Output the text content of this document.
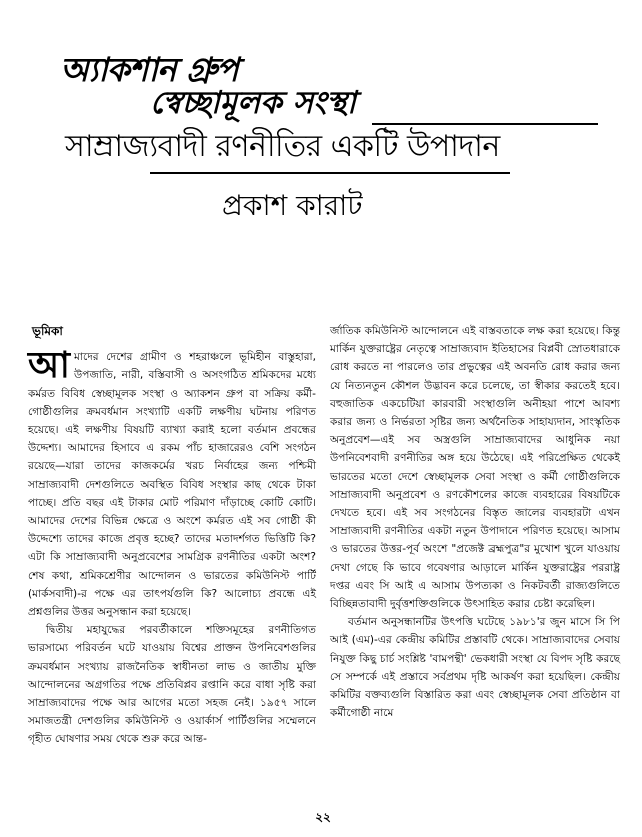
অ্যাকশান গ্রুপ
স্বেচ্ছামূলক সংস্থা
সাম্রাজ্যবাদী রণনীতির একটি উপাদান
প্রকাশ কারাট
ভূমিকা

আমাদের দেশের গ্রামীণ ও শহরাঞ্চলে ভূমিহীন বাস্তুহারা, উপজাতি, নারী, বস্তিবাসী ও অসংগঠিত শ্রমিকদের মধ্যে কর্মরত বিবিধ স্বেচ্ছামূলক সংস্থা ও অ্যাকশন গ্রুপ বা সক্রিয় কর্মী-গোষ্ঠীগুলির ক্রমবর্ধমান সংখ্যাটি একটি লক্ষণীয় ঘটনায় পরিণত হয়েছে। এই লক্ষণীয় বিষয়টি ব্যাখ্যা করাই হলো বর্তমান প্রবন্ধের উদ্দেশ্য। আমাদের হিসাবে এ রকম পাঁচ হাজারেরও বেশি সংগঠন রয়েছে—যারা তাদের কাজকর্মের খরচ নির্বাহের জন্য পশ্চিমী সাম্রাজ্যবাদী দেশগুলিতে অবস্থিত বিবিধ সংস্থার কাছ থেকে টাকা পাচ্ছে। প্রতি বছর এই টাকার মোট পরিমাণ দাঁড়াচ্ছে কোটি কোটি। আমাদের দেশের বিভিন্ন ক্ষেত্রে ও অংশে কর্মরত এই সব গোষ্ঠী কী উদ্দেশ্যে তাদের কাজে প্রবৃত্ত হচ্ছে? তাদের মতাদর্শগত ভিত্তিটি কি? এটা কি সাম্রাজ্যবাদী অনুপ্রবেশের সামগ্রিক রণনীতির একটা অংশ? শেষ কথা, শ্রমিকশ্রেণীর আন্দোলন ও ভারতের কমিউনিস্ট পার্টি (মার্কসবাদী)-র পক্ষে এর তাৎপর্যগুলি কি? আলোচ্য প্রবন্ধে এই প্রশ্নগুলির উত্তর অনুসন্ধান করা হয়েছে।

দ্বিতীয় মহাযুদ্ধের পরবর্তীকালে শক্তিসমূহের রণনীতিগত ভারসাম্যে পরিবর্তন ঘটে যাওয়ায় বিশ্বের প্রাক্তন উপনিবেশগুলির ক্রমবর্ধমান সংখ্যায় রাজনৈতিক স্বাধীনতা লাভ ও জাতীয় মুক্তি আন্দোলনের অগ্রগতির পক্ষে প্রতিবিপ্লব রপ্তানি করে বাধা সৃষ্টি করা সাম্রাজ্যবাদের পক্ষে আর আগের মতো সহজ নেই। ১৯৫৭ সালে সমাজতন্ত্রী দেশগুলির কমিউনিস্ট ও ওয়ার্কার্স পার্টিগুলির সম্মেলনে গৃহীত ঘোষণার সময় থেকে শুরু করে আন্ত-

র্জাতিক কমিউনিস্ট আন্দোলনে এই বাস্তবতাকে লক্ষ করা হয়েছে। কিন্তু মার্কিন যুক্তরাষ্ট্রের নেতৃত্বে সাম্রাজ্যবাদ ইতিহাসের বিপ্লবী স্রোতধারাকে রোধ করতে না পারলেও তার প্রভুত্বের এই অবনতি রোধ করার জন্য যে নিত্যনতুন কৌশল উদ্ভাবন করে চলেছে, তা স্বীকার করতেই হবে। বহুজাতিক একচেটিয়া কারবারী সংস্থাগুলি অনীহয়া পাশে আবশ্য করার জন্য ও নির্ভরতা সৃষ্টির জন্য অর্থনৈতিক সাহায্যদান, সাংস্কৃতিক অনুপ্রবেশ—এই সব অস্ত্রগুলি সাম্রাজ্যবাদের আধুনিক নয়া উপনিবেশবাদী রণনীতির অঙ্গ হয়ে উঠেছে। এই পরিপ্রেক্ষিত থেকেই ভারতের মতো দেশে স্বেচ্ছামূলক সেবা সংস্থা ও কর্মী গোষ্ঠীগুলিকে সাম্রাজ্যবাদী অনুপ্রবেশ ও রণকৌশলের কাজে ব্যবহারের বিষয়টিকে দেখতে হবে। এই সব সংগঠনের বিস্তৃত জালের ব্যবহারটা এখন সাম্রাজ্যবাদী রণনীতির একটা নতুন উপাদানে পরিণত হয়েছে। আসাম ও ভারতের উত্তর-পূর্ব অংশে "প্রজেক্ট ব্রহ্মপুত্র"র মুখোশ খুলে যাওয়ায় দেখা গেছে কি ভাবে গবেষণার আড়ালে মার্কিন যুক্তরাষ্ট্রের পররাষ্ট্র দপ্তর এবং সি আই এ আসাম উপত্যকা ও নিকটবর্তী রাজ্যগুলিতে বিচ্ছিন্নতাবাদী দুর্বৃত্তশক্তিগুলিকে উৎসাহিত করার চেষ্টা করেছিল।

বর্তমান অনুসন্ধানটির উৎপত্তি ঘটেছে ১৯৮১'র জুন মাসে সি পি আই (এম)-এর কেন্দ্রীয় কমিটির প্রস্তাবটি থেকে। সাম্রাজ্যবাদের সেবায় নিযুক্ত কিছু চার্চ সংশ্লিষ্ট 'বামপন্থী' ভেকধারী সংস্থা যে বিপদ সৃষ্টি করছে সে সম্পর্কে এই প্রস্তাবে সর্বপ্রথম দৃষ্টি আকর্ষণ করা হয়েছিল। কেন্দ্রীয় কমিটির বক্তব্যগুলি বিস্তারিত করা এবং স্বেচ্ছামূলক সেবা প্রতিষ্ঠান বা কর্মীগোষ্ঠী নামে

২২
